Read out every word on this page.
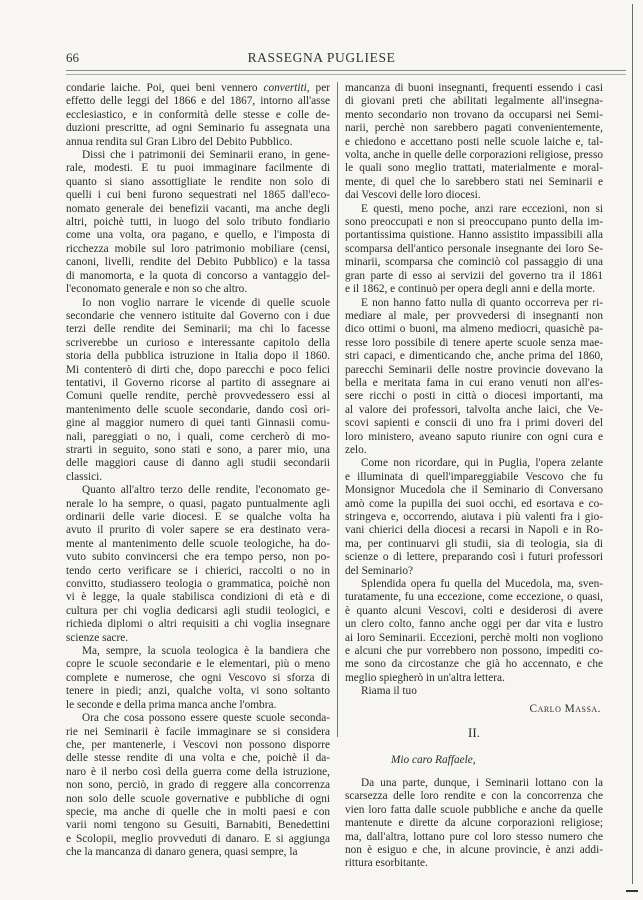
66	RASSEGNA PUGLIESE

condarie laiche. Poi, quei beni vennero convertiti, per
effetto delle leggi del 1866 e del 1867, intorno all'asse
ecclesiastico, e in conformità delle stesse e colle de-
duzioni prescritte, ad ogni Seminario fu assegnata una
annua rendita sul Gran Libro del Debito Pubblico.

Dissi che i patrimonii dei Seminarii erano, in gene-
rale, modesti. E tu puoi immaginare facilmente di
quanto si siano assottigliate le rendite non solo di
quelli i cui beni furono sequestrati nel 1865 dall'eco-
nomato generale dei benefizii vacanti, ma anche degli
altri, poichè tutti, in luogo del solo tributo fondiario
come una volta, ora pagano, e quello, e l'imposta di
ricchezza mobile sul loro patrimonio mobiliare (censi,
canoni, livelli, rendite del Debito Pubblico) e la tassa
di manomorta, e la quota di concorso a vantaggio del-
l'economato generale e non so che altro.

Io non voglio narrare le vicende di quelle scuole
secondarie che vennero istituite dal Governo con i due
terzi delle rendite dei Seminarii; ma chi lo facesse
scriverebbe un curioso e interessante capitolo della
storia della pubblica istruzione in Italia dopo il 1860.
Mi contenterò di dirti che, dopo parecchi e poco felici
tentativi, il Governo ricorse al partito di assegnare ai
Comuni quelle rendite, perchè provvedessero essi al
mantenimento delle scuole secondarie, dando così ori-
gine al maggior numero di quei tanti Ginnasii comu-
nali, pareggiati o no, i quali, come cercherò di mo-
strarti in seguito, sono stati e sono, a parer mio, una
delle maggiori cause di danno agli studii secondarii
classici.

Quanto all'altro terzo delle rendite, l'economato ge-
nerale lo ha sempre, o quasi, pagato puntualmente agli
ordinarii delle varie diocesi. E se qualche volta ha
avuto il prurito di voler sapere se era destinato vera-
mente al mantenimento delle scuole teologiche, ha do-
vuto subito convincersi che era tempo perso, non po-
tendo certo verificare se i chierici, raccolti o no in
convitto, studiassero teologia o grammatica, poichè non
vi è legge, la quale stabilisca condizioni di età e di
cultura per chi voglia dedicarsi agli studii teologici, e
richieda diplomi o altri requisiti a chi voglia insegnare
scienze sacre.

Ma, sempre, la scuola teologica è la bandiera che
copre le scuole secondarie e le elementari, più o meno
complete e numerose, che ogni Vescovo si sforza di
tenere in piedi; anzi, qualche volta, vi sono soltanto
le seconde e della prima manca anche l'ombra.

Ora che cosa possono essere queste scuole seconda-
rie nei Seminarii è facile immaginare se si considera
che, per mantenerle, i Vescovi non possono disporre
delle stesse rendite di una volta e che, poichè il da-
naro è il nerbo così della guerra come della istruzione,
non sono, perciò, in grado di reggere alla concorrenza
non solo delle scuole governative e pubbliche di ogni
specie, ma anche di quelle che in molti paesi e con
varii nomi tengono su Gesuiti, Barnabiti, Benedettini
e Scolopii, meglio provveduti di danaro. E si aggiunga
che la mancanza di danaro genera, quasi sempre, la

mancanza di buoni insegnanti, frequenti essendo i casi
di giovani preti che abilitati legalmente all'insegna-
mento secondario non trovano da occuparsi nei Semi-
narii, perchè non sarebbero pagati convenientemente,
e chiedono e accettano posti nelle scuole laiche e, tal-
volta, anche in quelle delle corporazioni religiose, presso
le quali sono meglio trattati, materialmente e moral-
mente, di quel che lo sarebbero stati nei Seminarii e
dai Vescovi delle loro diocesi.

E questi, meno poche, anzi rare eccezioni, non si
sono preoccupati e non si preoccupano punto della im-
portantissima quistione. Hanno assistito impassibili alla
scomparsa dell'antico personale insegnante dei loro Se-
minarii, scomparsa che cominciò col passaggio di una
gran parte di esso ai servizii del governo tra il 1861
e il 1862, e continuò per opera degli anni e della morte.

E non hanno fatto nulla di quanto occorreva per ri-
mediare al male, per provvedersi di insegnanti non
dico ottimi o buoni, ma almeno mediocri, quasichè pa-
resse loro possibile di tenere aperte scuole senza mae-
stri capaci, e dimenticando che, anche prima del 1860,
parecchi Seminarii delle nostre provincie dovevano la
bella e meritata fama in cui erano venuti non all'es-
sere ricchi o posti in città o diocesi importanti, ma
al valore dei professori, talvolta anche laici, che Ve-
scovi sapienti e conscii di uno fra i primi doveri del
loro ministero, aveano saputo riunire con ogni cura e
zelo.

Come non ricordare, qui in Puglia, l'opera zelante
e illuminata di quell'impareggiabile Vescovo che fu
Monsignor Mucedola che il Seminario di Conversano
amò come la pupilla dei suoi occhi, ed esortava e co-
stringeva e, occorrendo, aiutava i più valenti fra i gio-
vani chierici della diocesi a recarsi in Napoli e in Ro-
ma, per continuarvi gli studii, sia di teologia, sia di
scienze o di lettere, preparando così i futuri professori
del Seminario?

Splendida opera fu quella del Mucedola, ma, sven-
turatamente, fu una eccezione, come eccezione, o quasi,
è quanto alcuni Vescovi, colti e desiderosi di avere
un clero colto, fanno anche oggi per dar vita e lustro
ai loro Seminarii. Eccezioni, perchè molti non vogliono
e alcuni che pur vorrebbero non possono, impediti co-
me sono da circostanze che già ho accennato, e che
meglio spiegherò in un'altra lettera.

Riama il tuo

Carlo Massa.
II.
Mio caro Raffaele,

Da una parte, dunque, i Seminarii lottano con la
scarsezza delle loro rendite e con la concorrenza che
vien loro fatta dalle scuole pubbliche e anche da quelle
mantenute e dirette da alcune corporazioni religiose;
ma, dall'altra, lottano pure col loro stesso numero che
non è esiguo e che, in alcune provincie, è anzi addi-
rittura esorbitante.
